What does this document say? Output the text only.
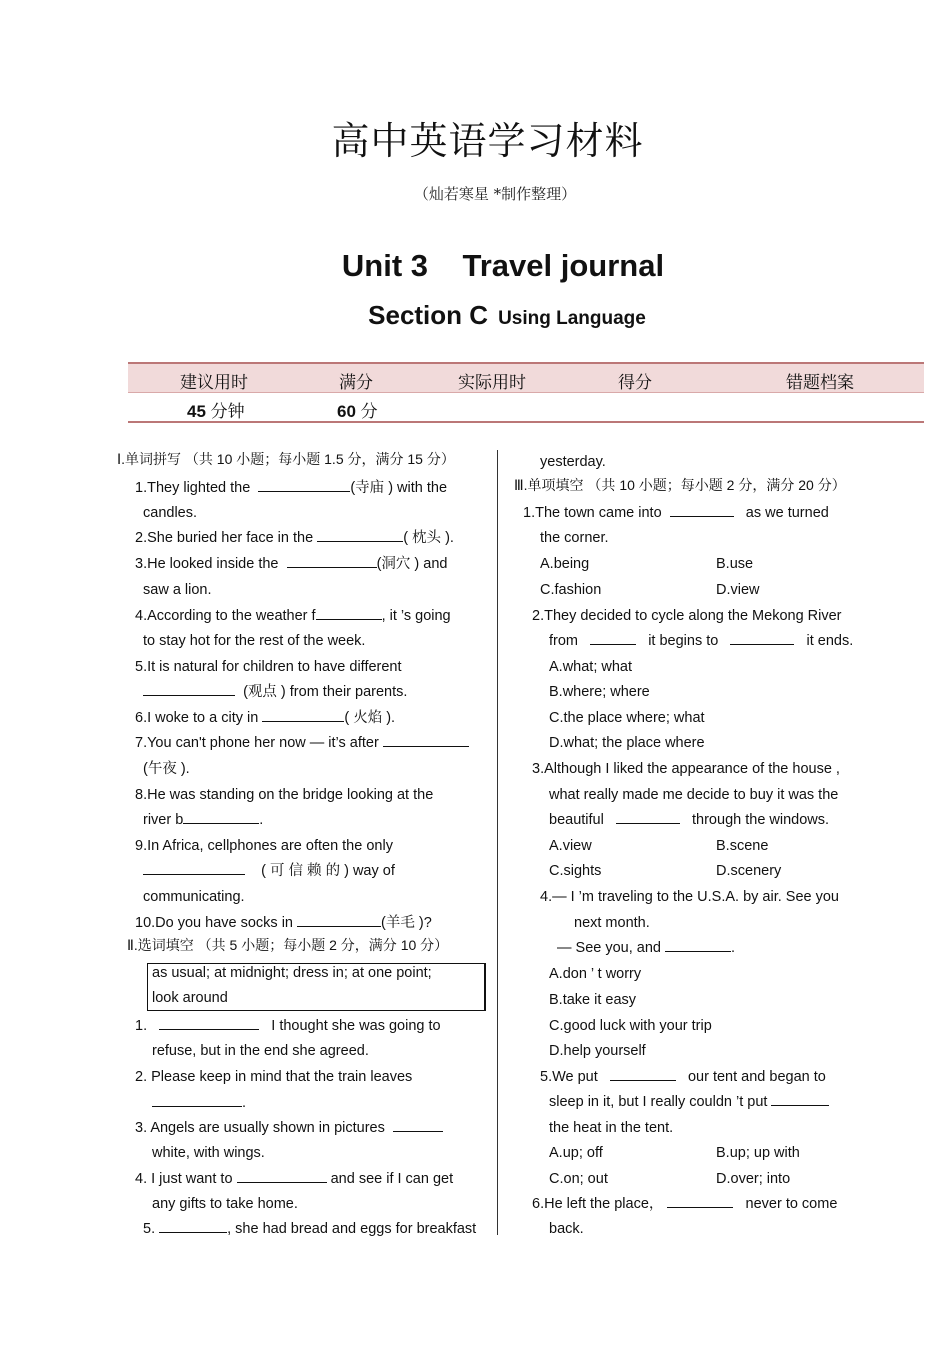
高中英语学习材料
（灿若寒星 *制作整理）
Unit 3    Travel journal
Section C Using Language
建议用时	满分	实际用时	得分	错题档案
45 分钟	60 分
Ⅰ.单词拼写 （共 10 小题；每小题 1.5 分，满分 15 分）
1.They lighted the	(寺庙 ) with the
candles.
2.She buried her face in the	( 枕头 ).
3.He looked inside the	(洞穴 ) and
saw a lion.
4.According to the weather f	, it ’s going
to stay hot for the rest of the week.
5.It is natural for children to have different
(观点 ) from their parents.
6.I woke to a city in	( 火焰 ).
7.You can't phone her now — it’s after
(午夜 ).
8.He was standing on the bridge looking at the
river b	.
9.In Africa, cellphones are often the only
( 可 信 赖 的 ) way of
communicating.
10.Do you have socks in	(羊毛 )?
Ⅱ.选词填空 （共 5 小题；每小题 2 分，满分 10 分）
as usual; at midnight; dress in; at one point;
look around
1.	I thought she was going to
refuse, but in the end she agreed.
2. Please keep in mind that the train leaves
.
3. Angels are usually shown in pictures
white, with wings.
4. I just want to	and see if I can get
any gifts to take home.
5.	, she had bread and eggs for breakfast
yesterday.
Ⅲ.单项填空 （共 10 小题；每小题 2 分，满分 20 分）
1.The town came into	as we turned
the corner.
A.being	B.use
C.fashion	D.view
2.They decided to cycle along the Mekong River
from	it begins to	it ends.
A.what; what
B.where; where
C.the place where; what
D.what; the place where
3.Although I liked the appearance of the house ,
what really made me decide to buy it was the
beautiful	through the windows.
A.view	B.scene
C.sights	D.scenery
4.— I ’m traveling to the U.S.A. by air. See you
next month.
— See you, and	.
A.don ’ t worry
B.take it easy
C.good luck with your trip
D.help yourself
5.We put	our tent and began to
sleep in it, but I really couldn ’t put
the heat in the tent.
A.up; off	B.up; up with
C.on; out	D.over; into
6.He left the place，	never to come
back.
